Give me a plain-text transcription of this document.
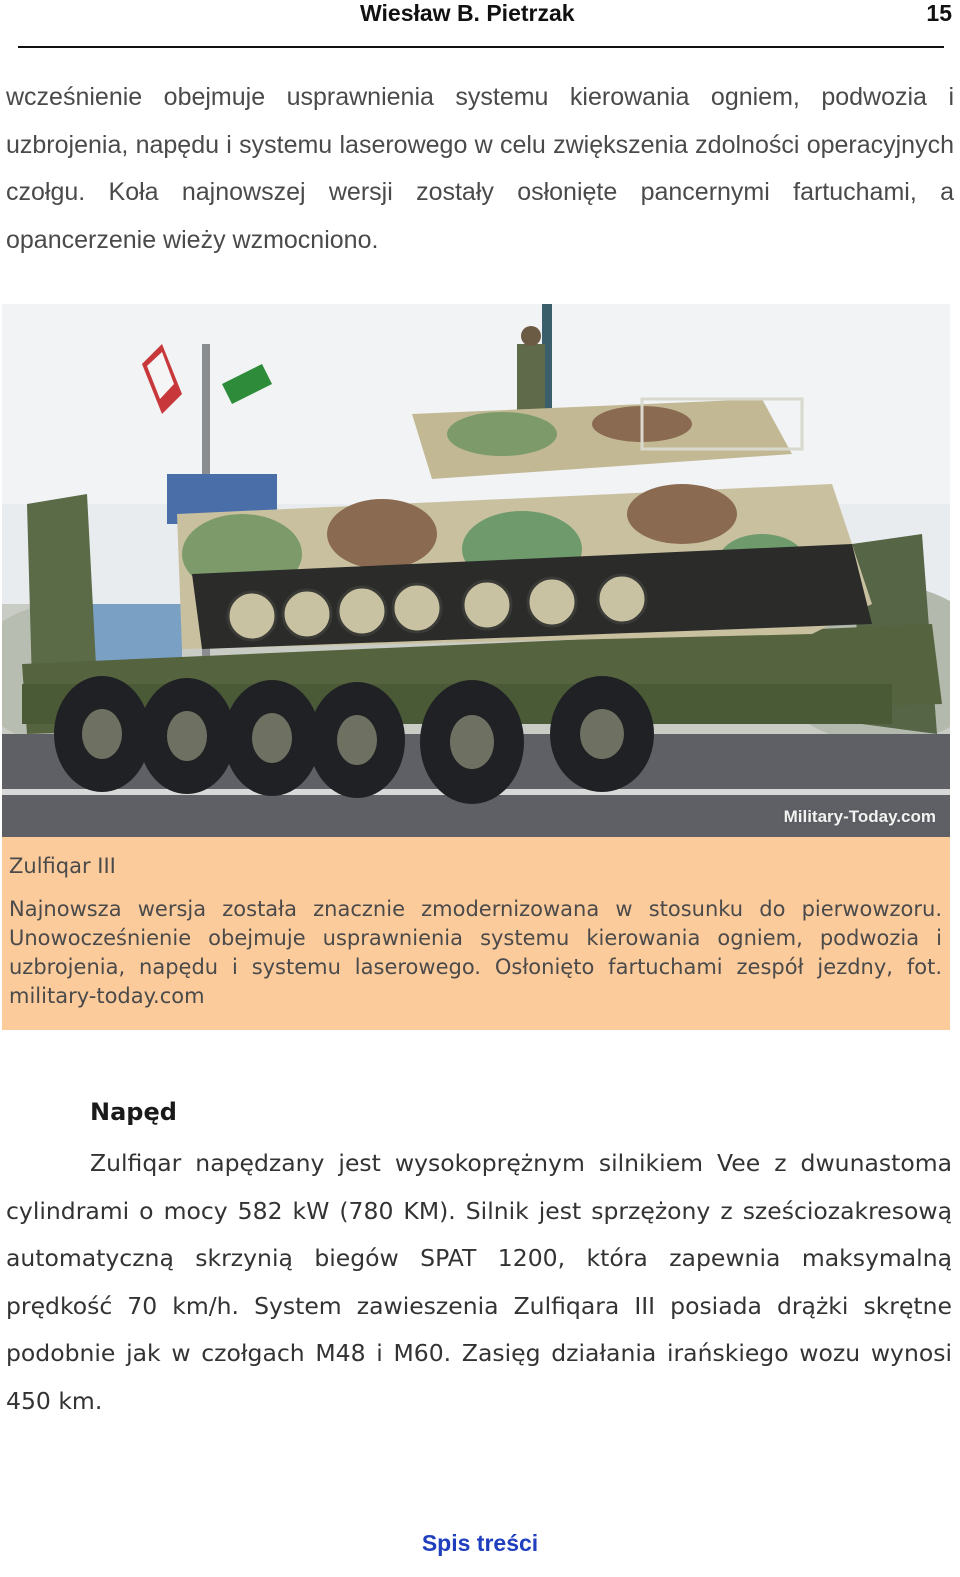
Wiesław B. Pietrzak	15

wcześnienie obejmuje usprawnienia systemu kierowania ogniem, podwozia i uzbrojenia, napędu i systemu laserowego w celu zwiększenia zdolności operacyjnych czołgu. Koła najnowszej wersji zostały osłonięte pancernymi fartuchami, a opancerzenie wieży wzmocniono.

Military-Today.com

Zulfiqar III

Najnowsza wersja została znacznie zmodernizowana w stosunku do pierwowzoru. Unowocześnienie obejmuje usprawnienia systemu kierowania ogniem, podwozia i uzbrojenia, napędu i systemu laserowego. Osłonięto fartuchami zespół jezdny, fot. military-today.com

Napęd

Zulfiqar napędzany jest wysokoprężnym silnikiem Vee z dwunastoma cylindrami o mocy 582 kW (780 KM). Silnik jest sprzężony z sześciozakresową automatyczną skrzynią biegów SPAT 1200, która zapewnia maksymalną prędkość 70 km/h. System zawieszenia Zulfiqara III posiada drążki skrętne podobnie jak w czołgach M48 i M60. Zasięg działania irańskiego wozu wynosi 450 km.

Spis treści
